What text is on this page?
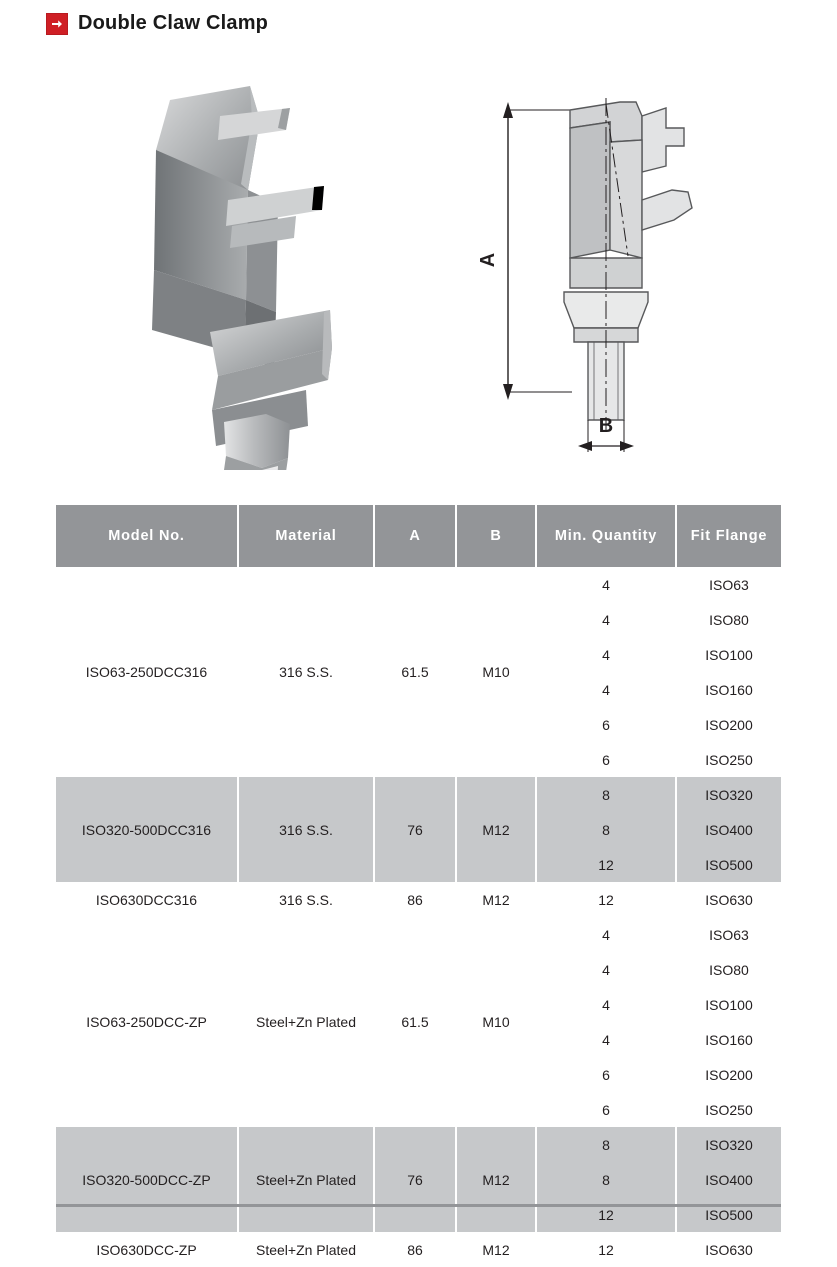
Double Claw Clamp
A
B
Model No.	Material	A	B	Min. Quantity	Fit Flange
ISO63-250DCC316	316 S.S.	61.5	M10	4	ISO63
				4	ISO80
				4	ISO100
				4	ISO160
				6	ISO200
				6	ISO250
ISO320-500DCC316	316 S.S.	76	M12	8	ISO320
				8	ISO400
				12	ISO500
ISO630DCC316	316 S.S.	86	M12	12	ISO630
ISO63-250DCC-ZP	Steel+Zn Plated	61.5	M10	4	ISO63
				4	ISO80
				4	ISO100
				4	ISO160
				6	ISO200
				6	ISO250
ISO320-500DCC-ZP	Steel+Zn Plated	76	M12	8	ISO320
				8	ISO400
				12	ISO500
ISO630DCC-ZP	Steel+Zn Plated	86	M12	12	ISO630
